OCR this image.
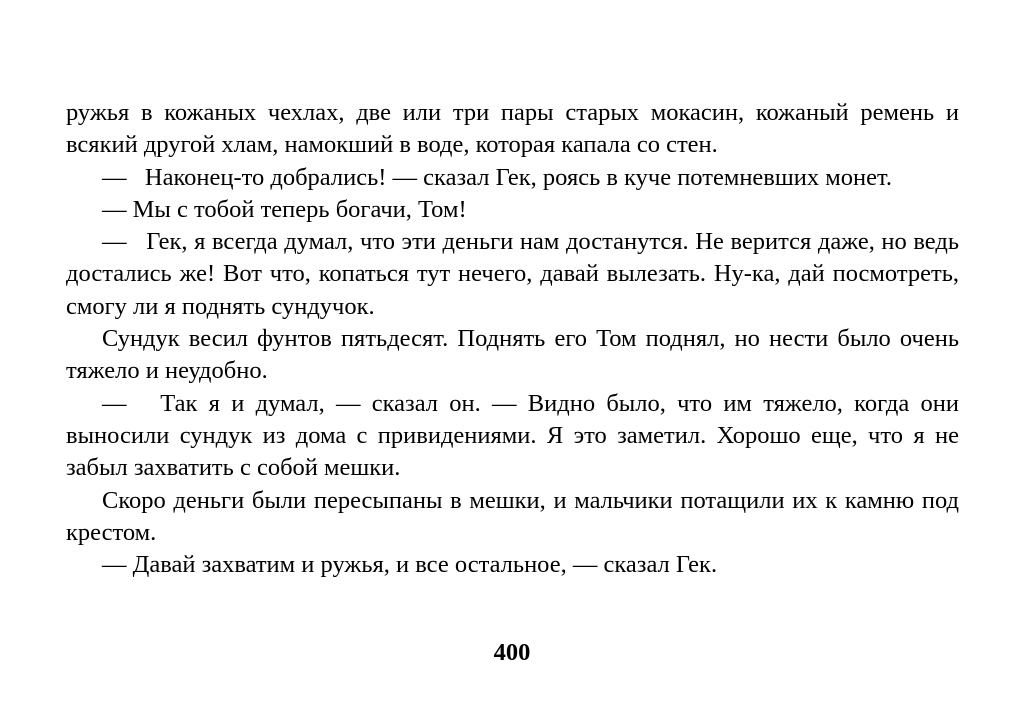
ружья в кожаных чехлах, две или три пары старых мокасин, кожаный ремень и всякий другой хлам, намокший в воде, которая капала со стен.

—   Наконец-то добрались! — сказал Гек, роясь в куче потемневших монет.

— Мы с тобой теперь богачи, Том!

—   Гек, я всегда думал, что эти деньги нам достанутся. Не верится даже, но ведь достались же! Вот что, копаться тут нечего, давай вылезать. Ну-ка, дай посмотреть, смогу ли я поднять сундучок.

Сундук весил фунтов пятьдесят. Поднять его Том поднял, но нести было очень тяжело и неудобно.

—   Так я и думал, — сказал он. — Видно было, что им тяжело, когда они выносили сундук из дома с привидениями. Я это заметил. Хорошо еще, что я не забыл захватить с собой мешки.

Скоро деньги были пересыпаны в мешки, и мальчики потащили их к камню под крестом.

— Давай захватим и ружья, и все остальное, — сказал Гек.

400
